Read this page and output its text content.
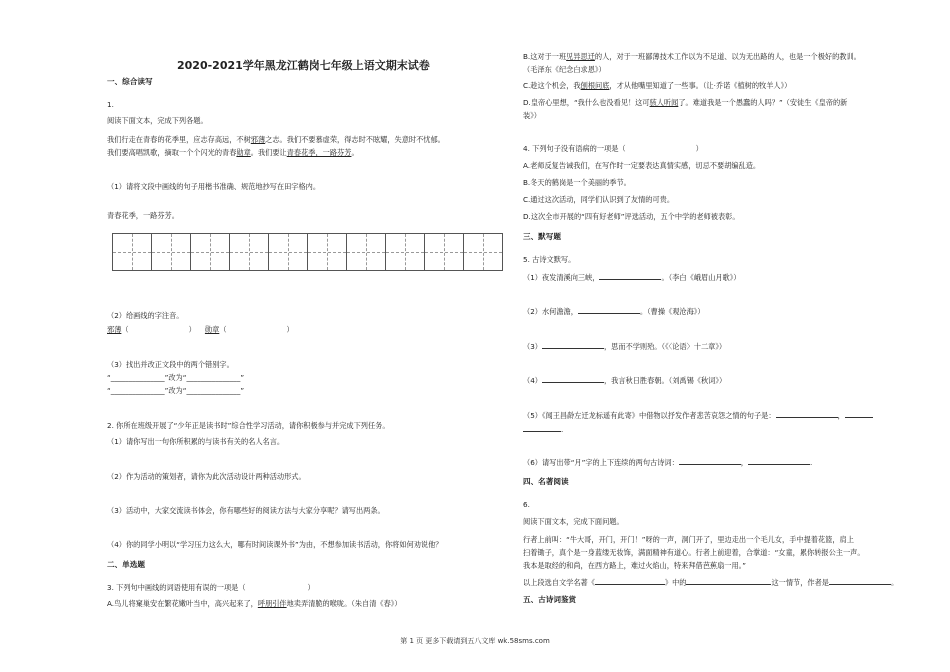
2020-2021学年黑龙江鹤岗七年级上语文期末试卷
一、综合读写
1.
阅读下面文本，完成下列各题。
我们行走在青春的花季里，应志存高远，不树邪薄之志。我们不要慕虚荣，得志时不眩耀，失意时不忧郁。
我们要高唱凯歌，摘取一个个闪光的青春勋章。我们要让青春花季，一路芬芳。
（1）请将文段中画线的句子用楷书准确、规范地抄写在田字格内。
青春花季，一路芬芳。
（2）给画线的字注音。
邪薄（	）    勋章（	）
（3）找出并改正文段中的两个错别字。
“_______________”改为“_______________”
“_______________”改为“_______________”
2. 你所在班级开展了“少年正是读书时”综合性学习活动，请你积极参与并完成下列任务。
（1）请你写出一句你所积累的与读书有关的名人名言。
（2）作为活动的策划者，请你为此次活动设计两种活动形式。
（3）活动中，大家交流读书体会，你有哪些好的阅读方法与大家分享呢？请写出两条。
（4）你的同学小明以“学习压力这么大，哪有时间读课外书”为由，不想参加读书活动，你将如何劝说他？
二、单选题
3. 下列句中画线的词语使用有误的一项是（	）
A.鸟儿将窠巢安在繁花嫩叶当中，高兴起来了，呼朋引伴地卖弄清脆的喉咙。（朱自清《春》）
B.这对于一班见异思迁的人，对于一班鄙薄技术工作以为不足道、以为无出路的人，也是一个极好的教训。
（毛泽东《纪念白求恩》）
C.趁这个机会，我刨根问底，才从他嘴里知道了一些事。（让·乔诺《植树的牧羊人》）
D.皇帝心里想，“我什么也没看见！这可骇人听闻了。难道我是一个愚蠢的人吗？”（安徒生《皇帝的新
装》）
4. 下列句子没有语病的一项是（	）
A.老师反复告诫我们，在写作时一定要表达真情实感，切忌不要胡编乱造。
B.冬天的鹤岗是一个美丽的季节。
C.通过这次活动，同学们认识到了友情的可贵。
D.这次全市开展的“四有好老师”评选活动，五个中学的老师被表彰。
三、默写题
5. 古诗文默写。
（1）夜发清溪向三峡，	。（李白《峨眉山月歌》）
（2）水何澹澹，	。（曹操《观沧海》）
（3）	，思而不学则殆。（《〈论语〉十二章》）
（4）	，我言秋日胜春朝。（刘禹锡《秋词》）
（5）《闻王昌龄左迁龙标遥有此寄》中借物以抒发作者悲苦哀怨之情的句子是：	，
.
（6）请写出带“月”字的上下连续的两句古诗词：	，	.
四、名著阅读
6.
阅读下面文本，完成下面问题。
行者上前叫：“牛大哥，开门，开门！”呀的一声，洞门开了，里边走出一个毛儿女，手中提着花篮，肩上
扫着锄子，真个是一身蓝缕无妆饰，满面精神有道心。行者上前迎着，合掌道：“女童，累你转报公主一声。
我本是取经的和尚，在西方路上，难过火焰山，特来拜借芭蕉扇一用。”
以上段选自文学名著《	》中的	这一情节，作者是	。
五、古诗词鉴赏
第 1 页 更多下载请到五八文库 wk.58sms.com
